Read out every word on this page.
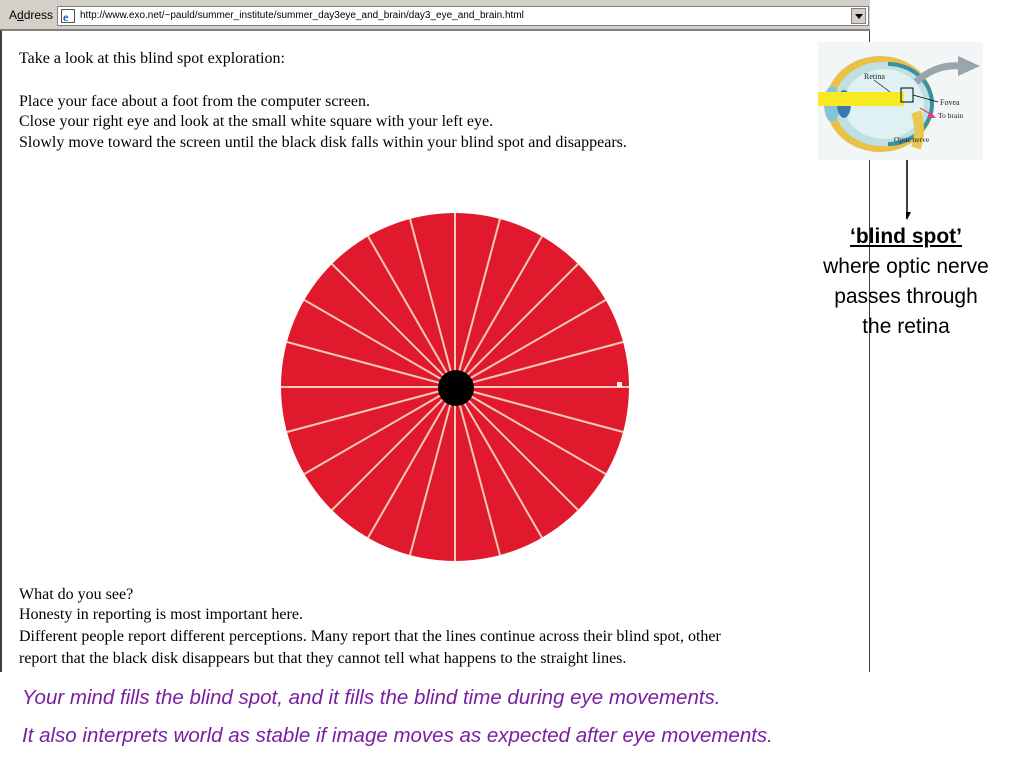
Address e http://www.exo.net/~pauld/summer_institute/summer_day3eye_and_brain/day3_eye_and_brain.html
Take a look at this blind spot exploration:
Place your face about a foot from the computer screen.
Close your right eye and look at the small white square with your left eye.
Slowly move toward the screen until the black disk falls within your blind spot and disappears.
What do you see?
Honesty in reporting is most important here.
Different people report different perceptions. Many report that the lines continue across their blind spot, other
report that the black disk disappears but that they cannot tell what happens to the straight lines.
Retina
Fovea
To brain
Optic nerve
‘blind spot’
where optic nerve
passes through
the retina
Your mind fills the blind spot, and it fills the blind time during eye movements.
It also interprets world as stable if image moves as expected after eye movements.
